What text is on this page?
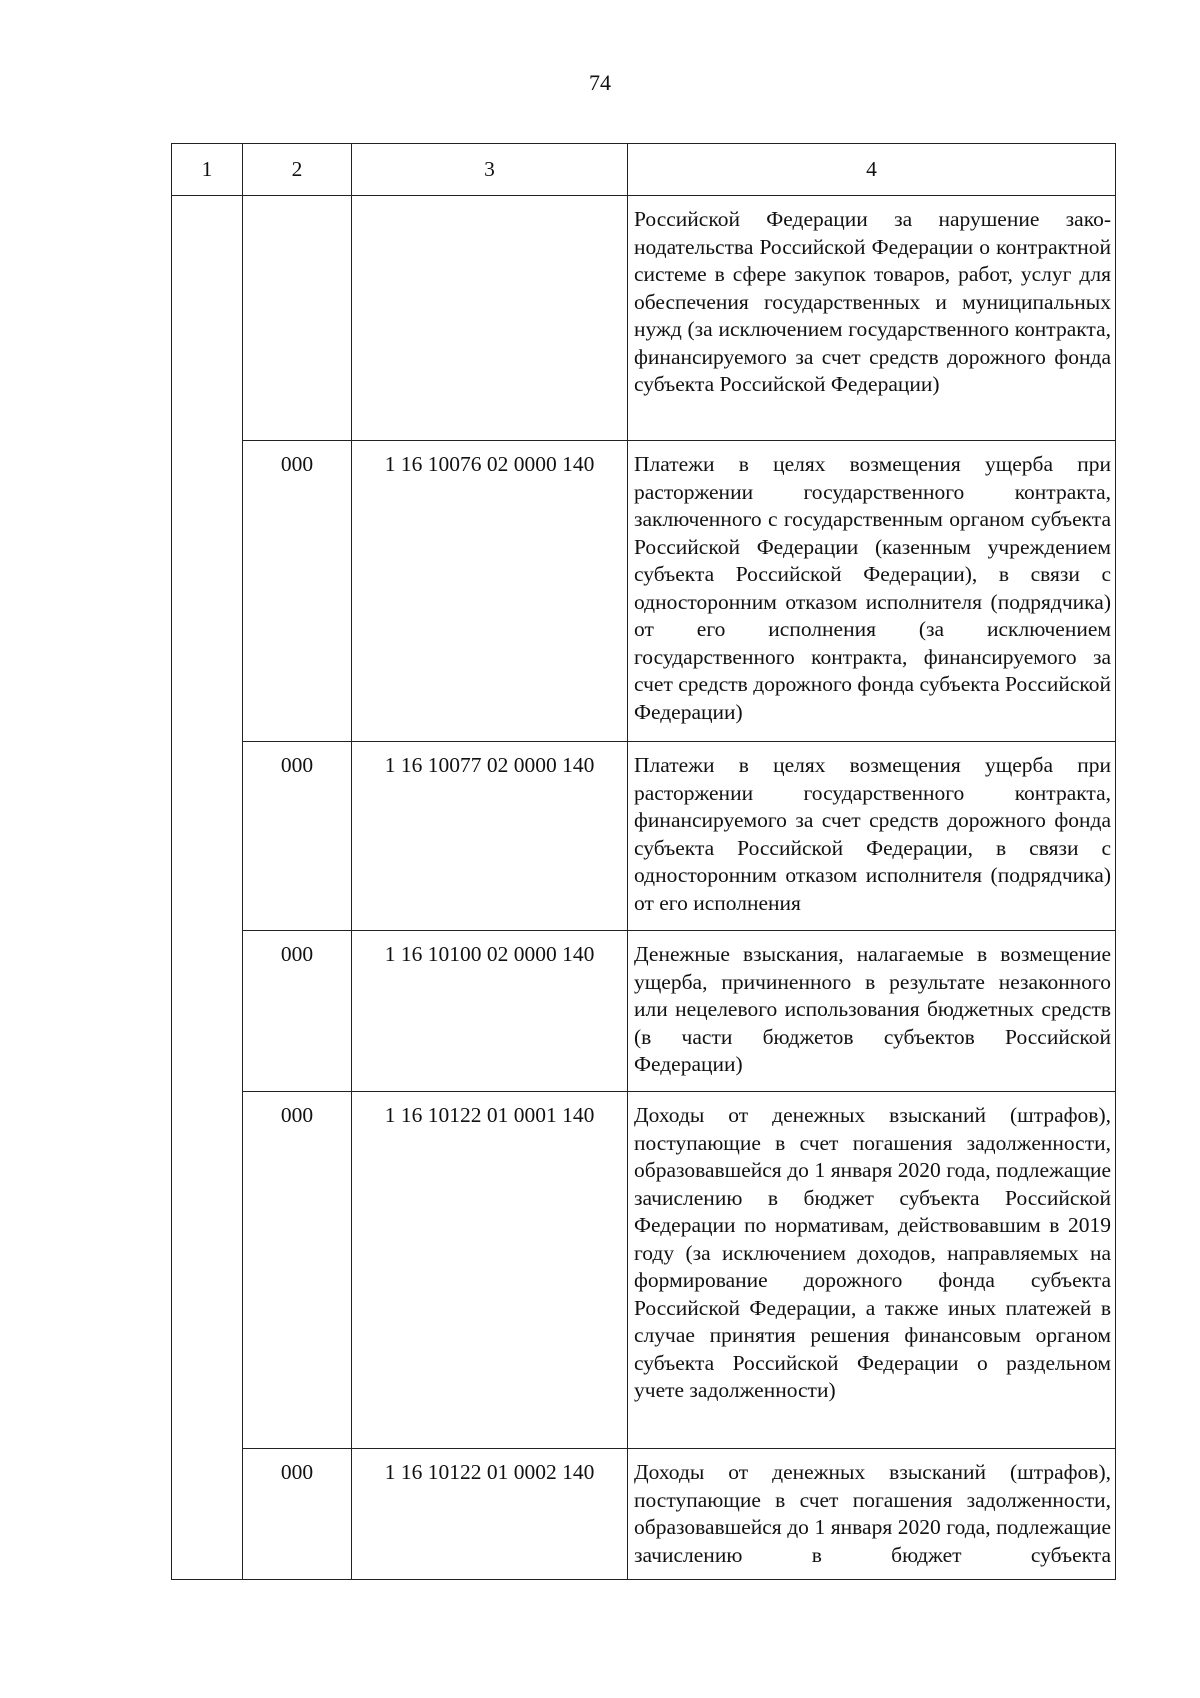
74
1	2	3	4
			Российской Федерации за нарушение законодательства Российской Федерации о контрактной системе в сфере закупок товаров, работ, услуг для обеспечения государственных и муниципальных нужд (за исключением государственного контракта, финансируемого за счет средств дорожного фонда субъекта Российской Федерации)
	000	1 16 10076 02 0000 140	Платежи в целях возмещения ущерба при расторжении государственного контракта, заключенного с государственным органом субъекта Российской Федерации (казенным учреждением субъекта Российской Федерации), в связи с односторонним отказом исполнителя (подрядчика) от его исполнения (за исключением государственного контракта, финансируемого за счет средств дорожного фонда субъекта Российской Федерации)
	000	1 16 10077 02 0000 140	Платежи в целях возмещения ущерба при расторжении государственного контракта, финансируемого за счет средств дорожного фонда субъекта Российской Федерации, в связи с односторонним отказом исполнителя (подрядчика) от его исполнения
	000	1 16 10100 02 0000 140	Денежные взыскания, налагаемые в возмещение ущерба, причиненного в результате незаконного или нецелевого использования бюджетных средств (в части бюджетов субъектов Российской Федерации)
	000	1 16 10122 01 0001 140	Доходы от денежных взысканий (штрафов), поступающие в счет погашения задолженности, образовавшейся до 1 января 2020 года, подлежащие зачислению в бюджет субъекта Российской Федерации по нормативам, действовавшим в 2019 году (за исключением доходов, направляемых на формирование дорожного фонда субъекта Российской Федерации, а также иных платежей в случае принятия решения финансовым органом субъекта Российской Федерации о раздельном учете задолженности)
	000	1 16 10122 01 0002 140	Доходы от денежных взысканий (штрафов), поступающие в счет погашения задолженности, образовавшейся до 1 января 2020 года, подлежащие зачислению в бюджет субъекта
